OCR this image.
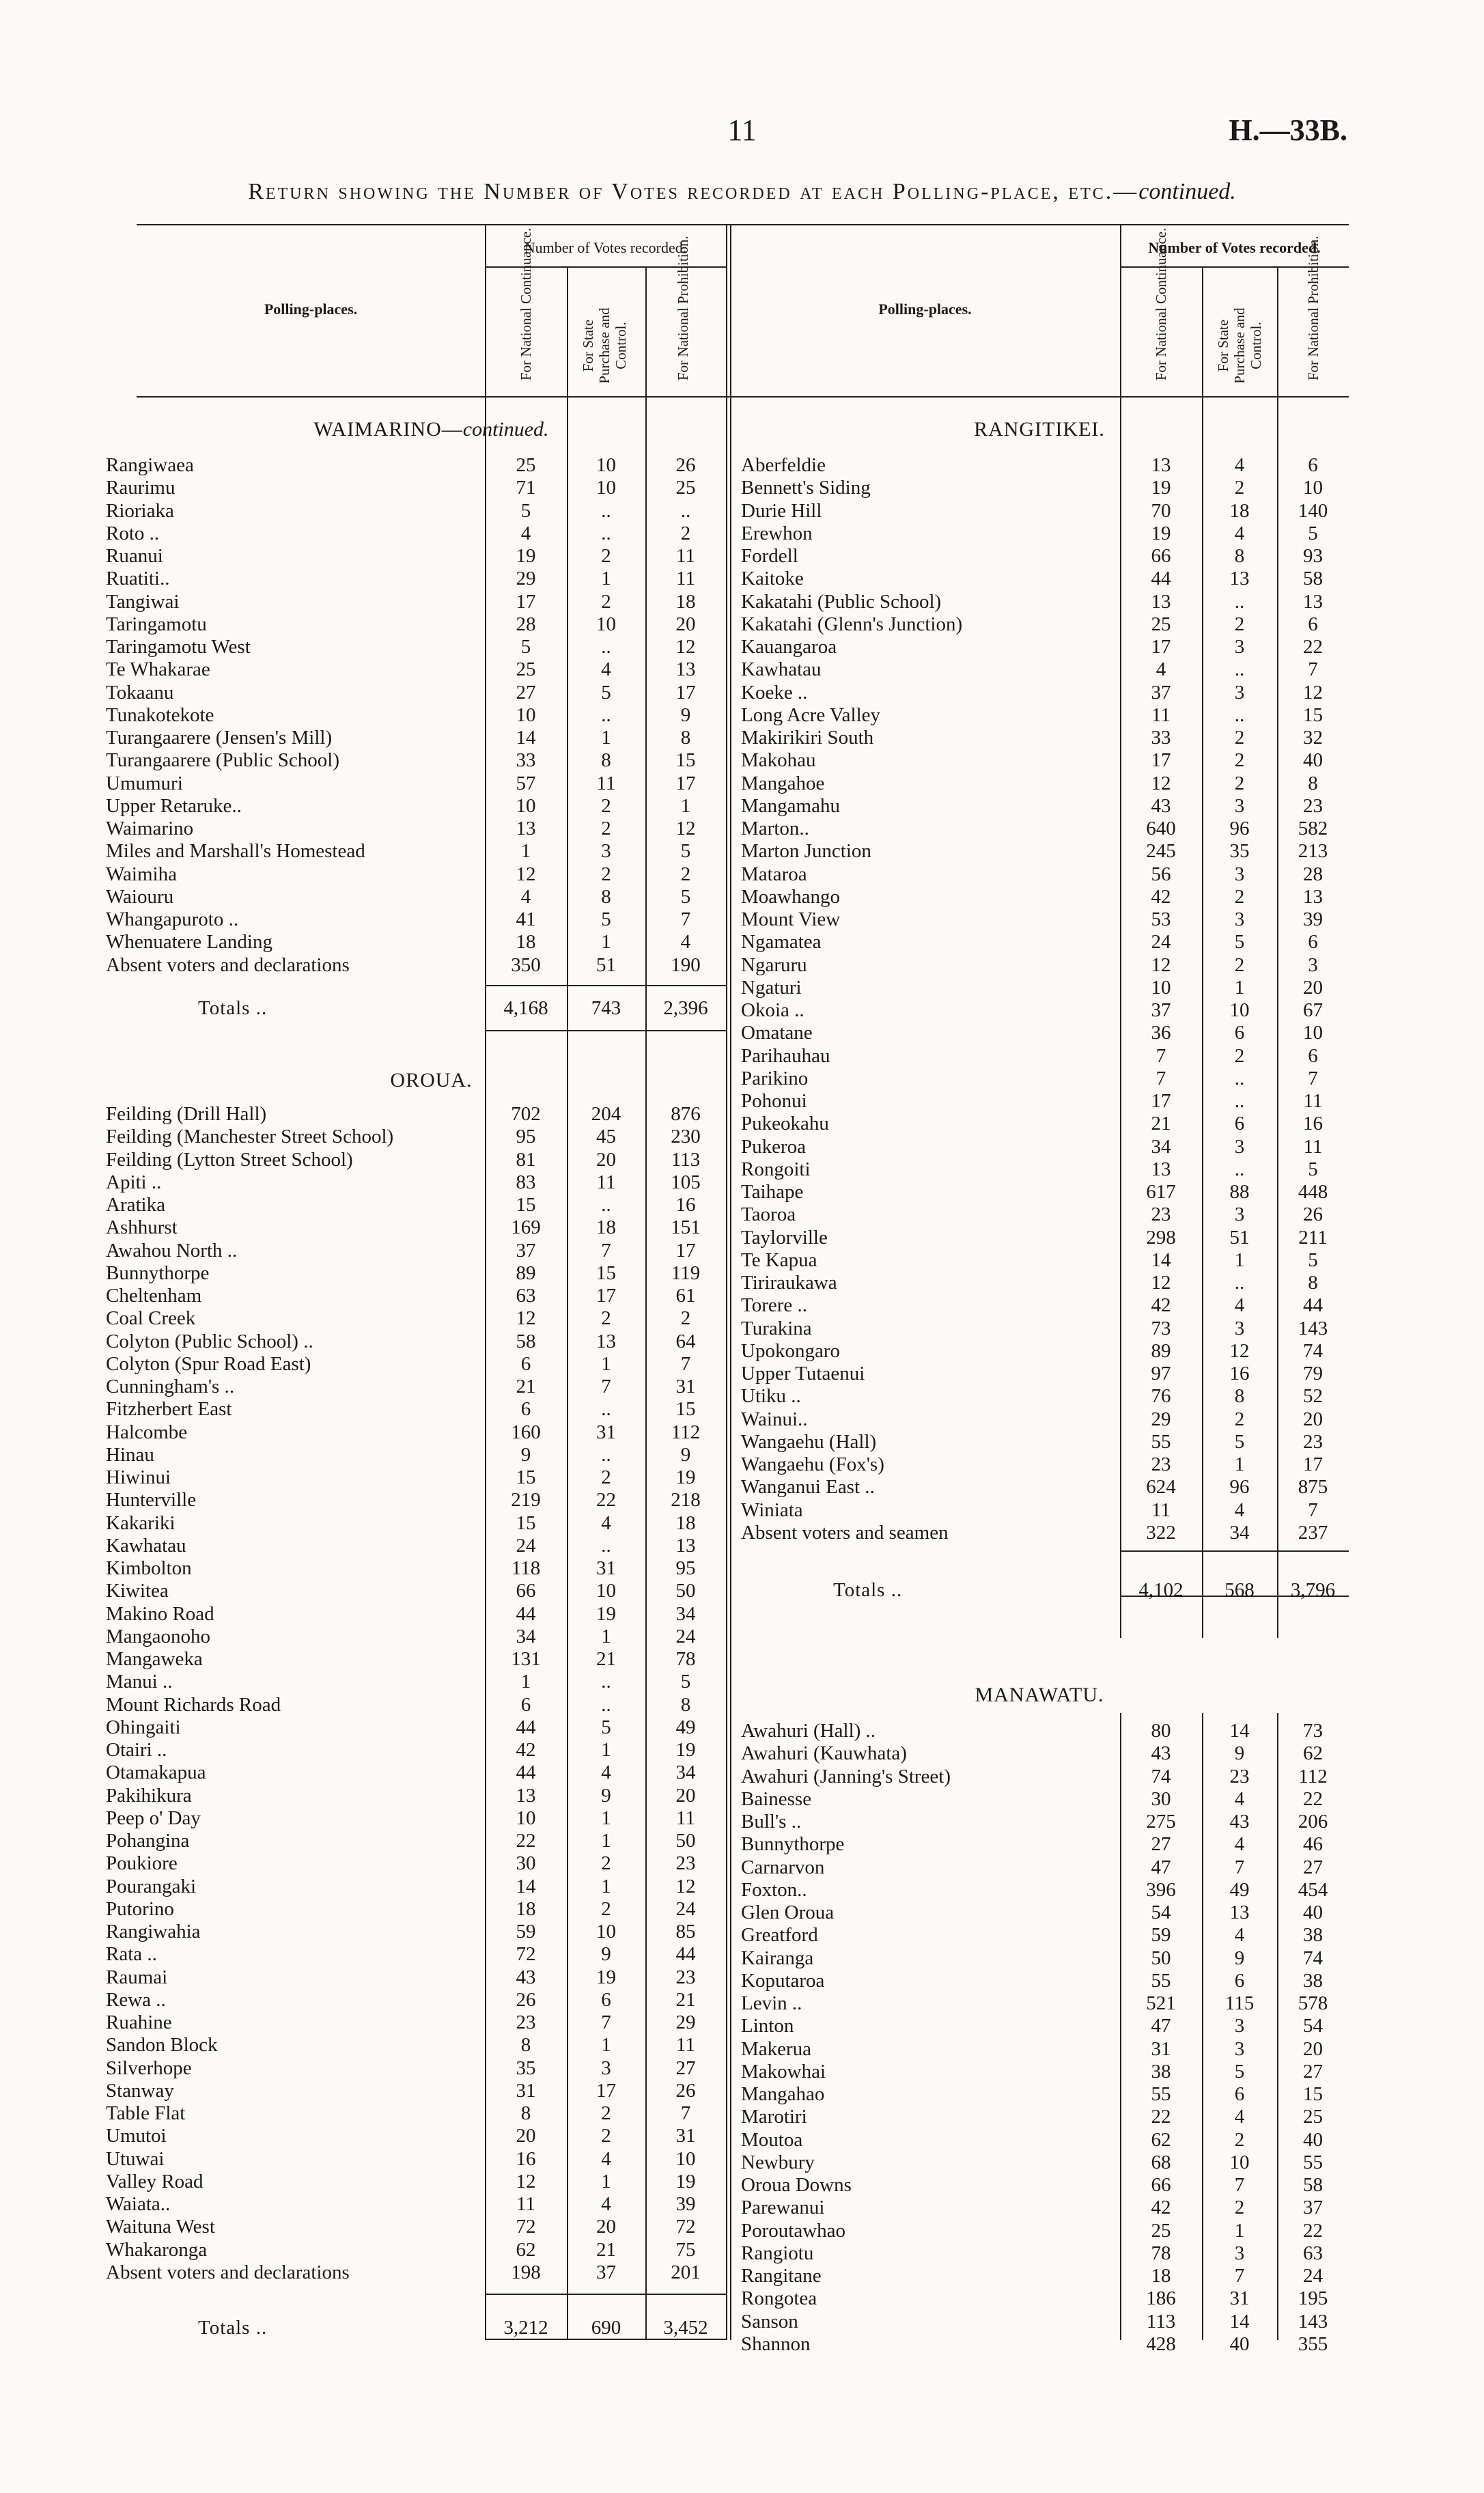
11	H.—33B.
Return showing the Number of Votes recorded at each Polling-place, etc.—continued.
Polling-places.
Number of Votes recorded.
Polling-places.
Number of Votes recorded.
For National Continuance.	For State Purchase and Control.	For National Prohibition.	For National Continuance.	For State Purchase and Control.	For National Prohibition.
WAIMARINO—continued.
OROUA.
RANGITIKEI.
MANAWATU.
Rangiwaea	25	10	26
Raurimu	71	10	25
Rioriaka	5	..	..
Roto ..	4	..	2
Ruanui	19	2	11
Ruatiti..	29	1	11
Tangiwai	17	2	18
Taringamotu	28	10	20
Taringamotu West	5	..	12
Te Whakarae	25	4	13
Tokaanu	27	5	17
Tunakotekote	10	..	9
Turangaarere (Jensen's Mill)	14	1	8
Turangaarere (Public School)	33	8	15
Umumuri	57	11	17
Upper Retaruke..	10	2	1
Waimarino	13	2	12
Miles and Marshall's Homestead	1	3	5
Waimiha	12	2	2
Waiouru	4	8	5
Whangapuroto ..	41	5	7
Whenuatere Landing	18	1	4
Absent voters and declarations	350	51	190
Totals ..	4,168	743	2,396
Feilding (Drill Hall)	702	204	876
Feilding (Manchester Street School)	95	45	230
Feilding (Lytton Street School)	81	20	113
Apiti ..	83	11	105
Aratika	15	..	16
Ashhurst	169	18	151
Awahou North ..	37	7	17
Bunnythorpe	89	15	119
Cheltenham	63	17	61
Coal Creek	12	2	2
Colyton (Public School) ..	58	13	64
Colyton (Spur Road East)	6	1	7
Cunningham's ..	21	7	31
Fitzherbert East	6	..	15
Halcombe	160	31	112
Hinau	9	..	9
Hiwinui	15	2	19
Hunterville	219	22	218
Kakariki	15	4	18
Kawhatau	24	..	13
Kimbolton	118	31	95
Kiwitea	66	10	50
Makino Road	44	19	34
Mangaonoho	34	1	24
Mangaweka	131	21	78
Manui ..	1	..	5
Mount Richards Road	6	..	8
Ohingaiti	44	5	49
Otairi ..	42	1	19
Otamakapua	44	4	34
Pakihikura	13	9	20
Peep o' Day	10	1	11
Pohangina	22	1	50
Poukiore	30	2	23
Pourangaki	14	1	12
Putorino	18	2	24
Rangiwahia	59	10	85
Rata ..	72	9	44
Raumai	43	19	23
Rewa ..	26	6	21
Ruahine	23	7	29
Sandon Block	8	1	11
Silverhope	35	3	27
Stanway	31	17	26
Table Flat	8	2	7
Umutoi	20	2	31
Utuwai	16	4	10
Valley Road	12	1	19
Waiata..	11	4	39
Waituna West	72	20	72
Whakaronga	62	21	75
Absent voters and declarations	198	37	201
Totals ..	3,212	690	3,452
Aberfeldie	13	4	6
Bennett's Siding	19	2	10
Durie Hill	70	18	140
Erewhon	19	4	5
Fordell	66	8	93
Kaitoke	44	13	58
Kakatahi (Public School)	13	..	13
Kakatahi (Glenn's Junction)	25	2	6
Kauangaroa	17	3	22
Kawhatau	4	..	7
Koeke ..	37	3	12
Long Acre Valley	11	..	15
Makirikiri South	33	2	32
Makohau	17	2	40
Mangahoe	12	2	8
Mangamahu	43	3	23
Marton..	640	96	582
Marton Junction	245	35	213
Mataroa	56	3	28
Moawhango	42	2	13
Mount View	53	3	39
Ngamatea	24	5	6
Ngaruru	12	2	3
Ngaturi	10	1	20
Okoia ..	37	10	67
Omatane	36	6	10
Parihauhau	7	2	6
Parikino	7	..	7
Pohonui	17	..	11
Pukeokahu	21	6	16
Pukeroa	34	3	11
Rongoiti	13	..	5
Taihape	617	88	448
Taoroa	23	3	26
Taylorville	298	51	211
Te Kapua	14	1	5
Tiriraukawa	12	..	8
Torere ..	42	4	44
Turakina	73	3	143
Upokongaro	89	12	74
Upper Tutaenui	97	16	79
Utiku ..	76	8	52
Wainui..	29	2	20
Wangaehu (Hall)	55	5	23
Wangaehu (Fox's)	23	1	17
Wanganui East ..	624	96	875
Winiata	11	4	7
Absent voters and seamen	322	34	237
Totals ..	4,102	568	3,796
Awahuri (Hall) ..	80	14	73
Awahuri (Kauwhata)	43	9	62
Awahuri (Janning's Street)	74	23	112
Bainesse	30	4	22
Bull's ..	275	43	206
Bunnythorpe	27	4	46
Carnarvon	47	7	27
Foxton..	396	49	454
Glen Oroua	54	13	40
Greatford	59	4	38
Kairanga	50	9	74
Koputaroa	55	6	38
Levin ..	521	115	578
Linton	47	3	54
Makerua	31	3	20
Makowhai	38	5	27
Mangahao	55	6	15
Marotiri	22	4	25
Moutoa	62	2	40
Newbury	68	10	55
Oroua Downs	66	7	58
Parewanui	42	2	37
Poroutawhao	25	1	22
Rangiotu	78	3	63
Rangitane	18	7	24
Rongotea	186	31	195
Sanson	113	14	143
Shannon	428	40	355
